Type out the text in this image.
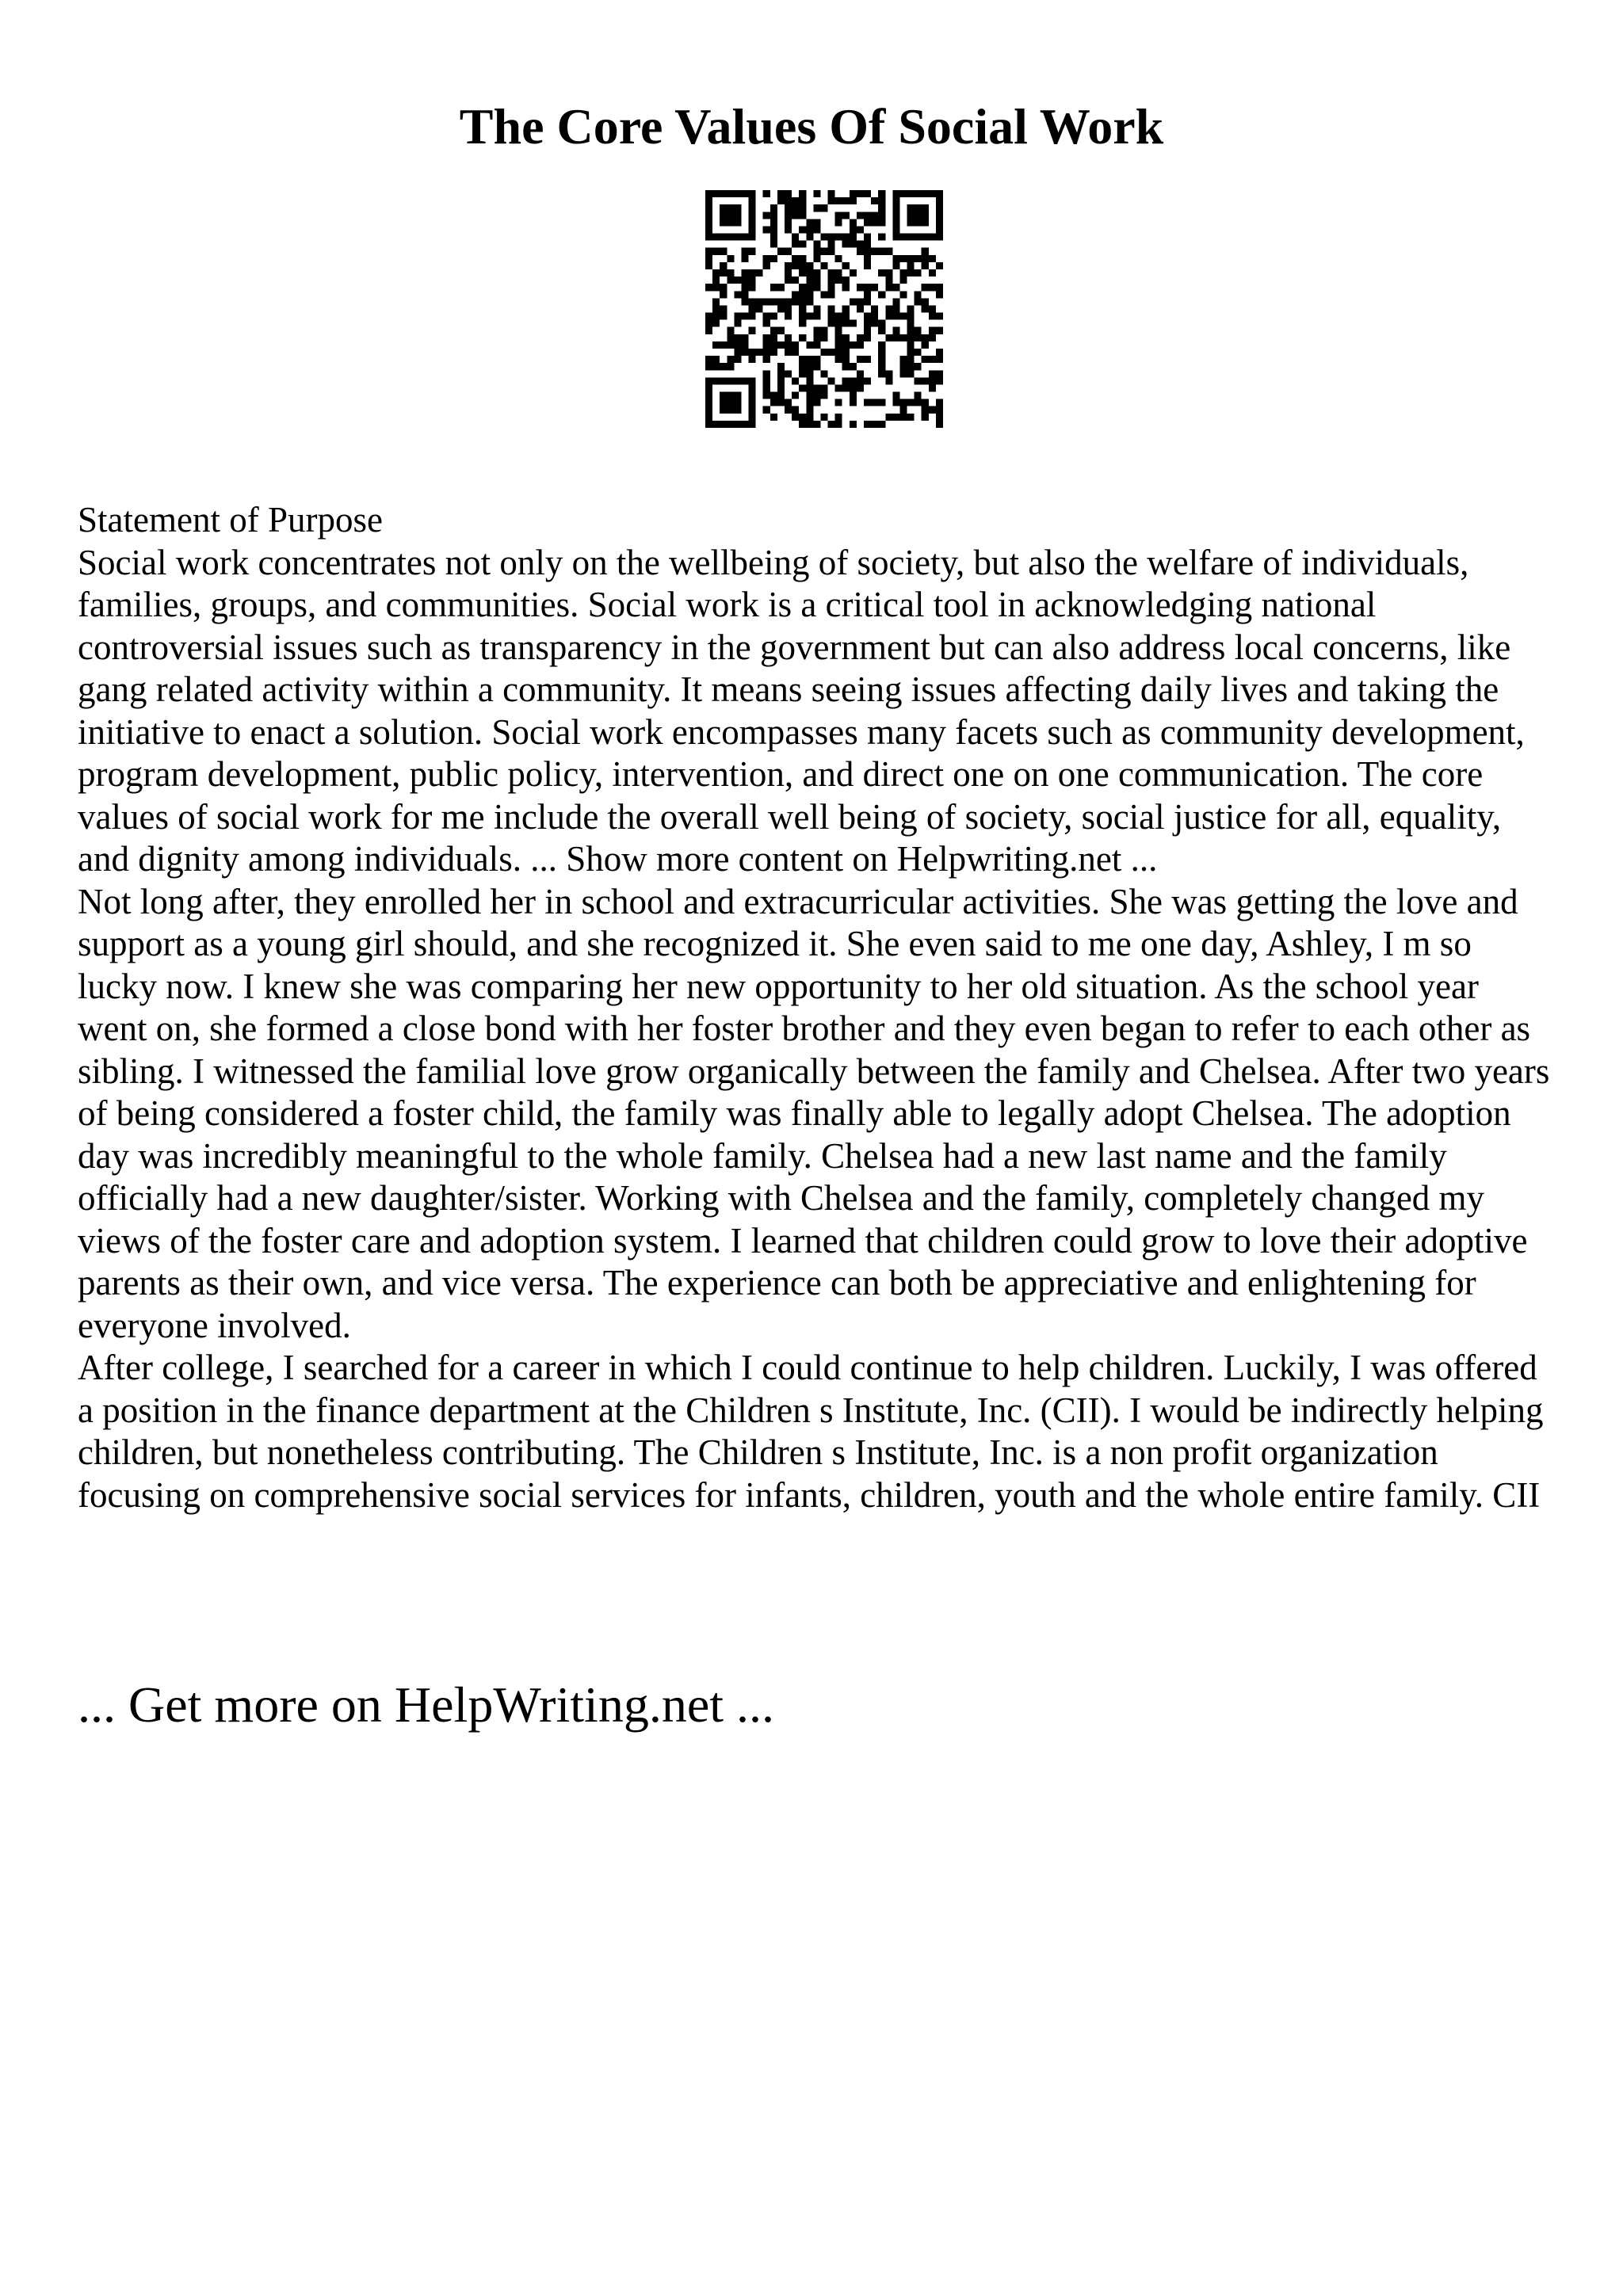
The Core Values Of Social Work

Statement of Purpose

Social work concentrates not only on the wellbeing of society, but also the welfare of individuals, families, groups, and communities. Social work is a critical tool in acknowledging national controversial issues such as transparency in the government but can also address local concerns, like gang related activity within a community. It means seeing issues affecting daily lives and taking the initiative to enact a solution. Social work encompasses many facets such as community development, program development, public policy, intervention, and direct one on one communication. The core values of social work for me include the overall well being of society, social justice for all, equality, and dignity among individuals. ... Show more content on Helpwriting.net ...

Not long after, they enrolled her in school and extracurricular activities. She was getting the love and support as a young girl should, and she recognized it. She even said to me one day, Ashley, I m so lucky now. I knew she was comparing her new opportunity to her old situation. As the school year went on, she formed a close bond with her foster brother and they even began to refer to each other as sibling. I witnessed the familial love grow organically between the family and Chelsea. After two years of being considered a foster child, the family was finally able to legally adopt Chelsea. The adoption day was incredibly meaningful to the whole family. Chelsea had a new last name and the family officially had a new daughter/sister. Working with Chelsea and the family, completely changed my views of the foster care and adoption system. I learned that children could grow to love their adoptive parents as their own, and vice versa. The experience can both be appreciative and enlightening for everyone involved.

After college, I searched for a career in which I could continue to help children. Luckily, I was offered a position in the finance department at the Children s Institute, Inc. (CII). I would be indirectly helping children, but nonetheless contributing. The Children s Institute, Inc. is a non profit organization focusing on comprehensive social services for infants, children, youth and the whole entire family. CII

... Get more on HelpWriting.net ...
